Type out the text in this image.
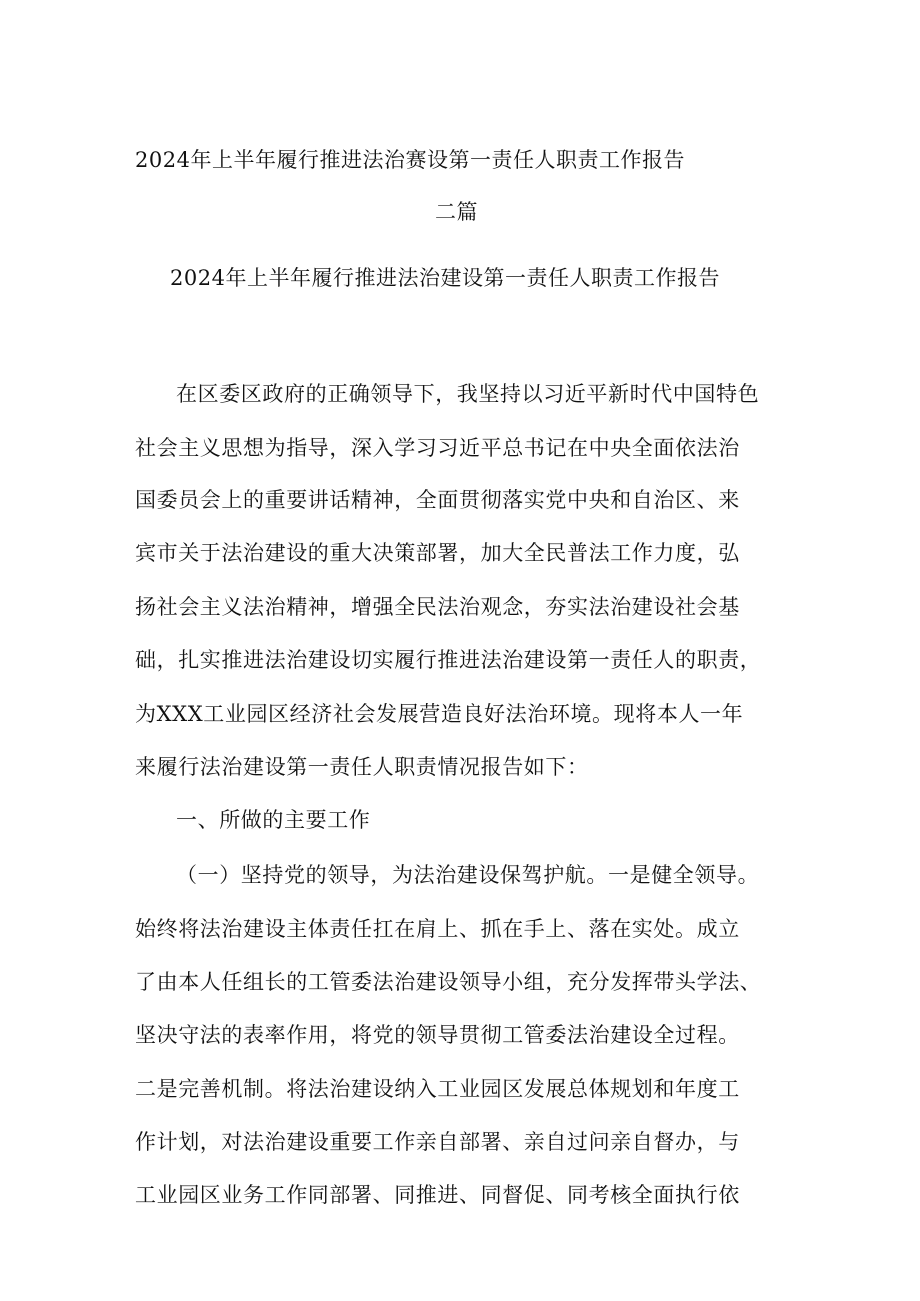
2024年上半年履行推进法治赛设第一责任人职责工作报告
二篇
2024年上半年履行推进法治建设第一责任人职责工作报告
在区委区政府的正确领导下，我坚持以习近平新时代中国特色
社会主义思想为指导，深入学习习近平总书记在中央全面依法治
国委员会上的重要讲话精神，全面贯彻落实党中央和自治区、来
宾市关于法治建设的重大决策部署，加大全民普法工作力度，弘
扬社会主义法治精神，增强全民法治观念，夯实法治建设社会基
础，扎实推进法治建设切实履行推进法治建设第一责任人的职责，
为XXX工业园区经济社会发展营造良好法治环境。现将本人一年
来履行法治建设第一责任人职责情况报告如下：
一、所做的主要工作
（一）坚持党的领导，为法治建设保驾护航。一是健全领导。
始终将法治建设主体责任扛在肩上、抓在手上、落在实处。成立
了由本人任组长的工管委法治建设领导小组，充分发挥带头学法、
坚决守法的表率作用，将党的领导贯彻工管委法治建设全过程。
二是完善机制。将法治建设纳入工业园区发展总体规划和年度工
作计划，对法治建设重要工作亲自部署、亲自过问亲自督办，与
工业园区业务工作同部署、同推进、同督促、同考核全面执行依
